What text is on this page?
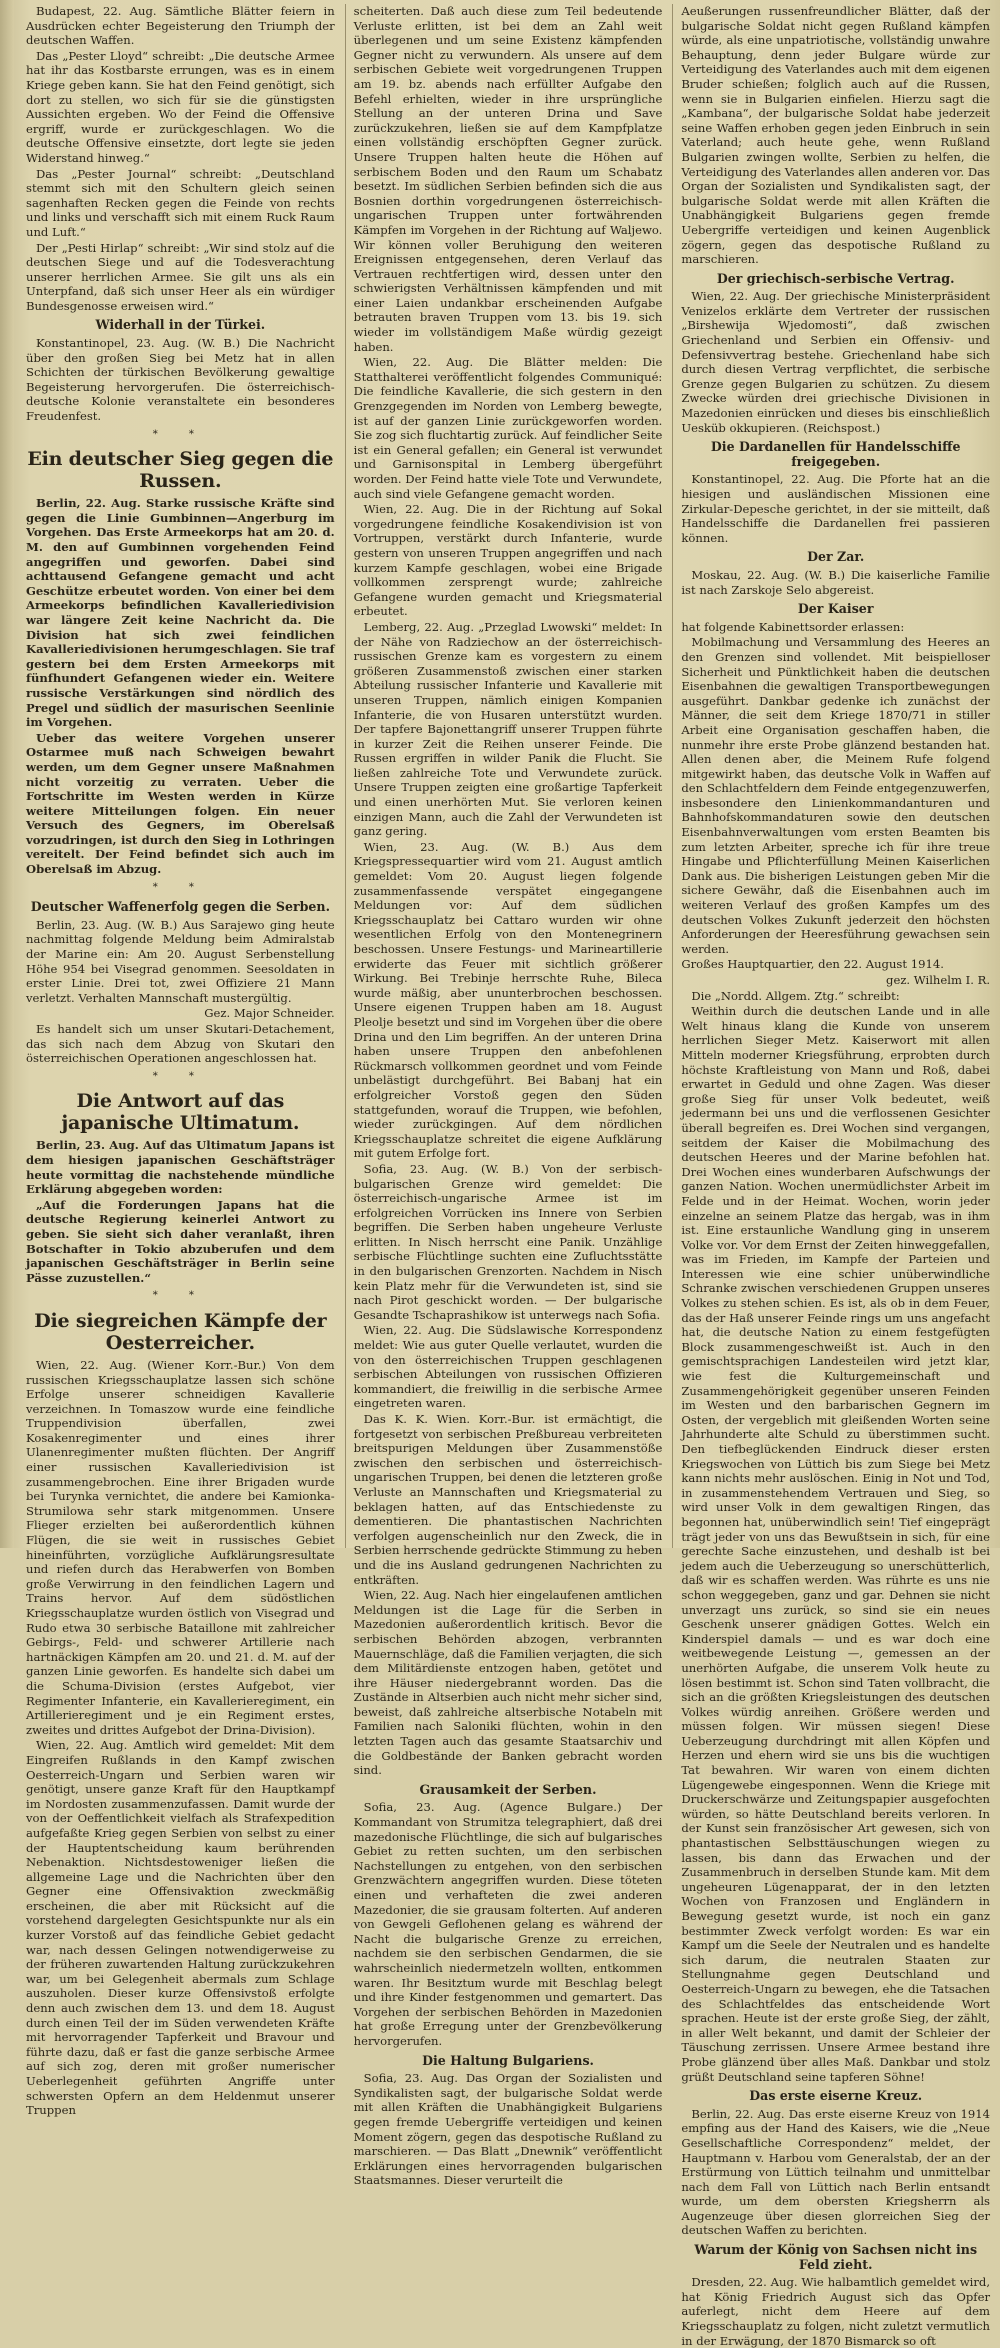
Budapest, 22. Aug. Sämtliche Blätter feiern in Ausdrücken echter Begeisterung den Triumph der deutschen Waffen.

Das „Pester Lloyd“ schreibt: „Die deutsche Armee hat ihr das Kostbarste errungen, was es in einem Kriege geben kann. Sie hat den Feind genötigt, sich dort zu stellen, wo sich für sie die günstigsten Aussichten ergeben. Wo der Feind die Offensive ergriff, wurde er zurückgeschlagen. Wo die deutsche Offensive einsetzte, dort legte sie jeden Widerstand hinweg.“

Das „Pester Journal“ schreibt: „Deutschland stemmt sich mit den Schultern gleich seinen sagenhaften Recken gegen die Feinde von rechts und links und verschafft sich mit einem Ruck Raum und Luft.“

Der „Pesti Hirlap“ schreibt: „Wir sind stolz auf die deutschen Siege und auf die Todesverachtung unserer herrlichen Armee. Sie gilt uns als ein Unterpfand, daß sich unser Heer als ein würdiger Bundesgenosse erweisen wird.“

Widerhall in der Türkei.

Konstantinopel, 23. Aug. (W. B.) Die Nachricht über den großen Sieg bei Metz hat in allen Schichten der türkischen Bevölkerung gewaltige Begeisterung hervorgerufen. Die österreichisch-deutsche Kolonie veranstaltete ein besonderes Freudenfest.

* *

Ein deutscher Sieg gegen die Russen.

Berlin, 22. Aug. Starke russische Kräfte sind gegen die Linie Gumbinnen—Angerburg im Vorgehen. Das Erste Armeekorps hat am 20. d. M. den auf Gumbinnen vorgehenden Feind angegriffen und geworfen. Dabei sind achttausend Gefangene gemacht und acht Geschütze erbeutet worden. Von einer bei dem Armeekorps befindlichen Kavalleriedivision war längere Zeit keine Nachricht da. Die Division hat sich zwei feindlichen Kavalleriedivisionen herumgeschlagen. Sie traf gestern bei dem Ersten Armeekorps mit fünfhundert Gefangenen wieder ein. Weitere russische Verstärkungen sind nördlich des Pregel und südlich der masurischen Seenlinie im Vorgehen.

Ueber das weitere Vorgehen unserer Ostarmee muß nach Schweigen bewahrt werden, um dem Gegner unsere Maßnahmen nicht vorzeitig zu verraten. Ueber die Fortschritte im Westen werden in Kürze weitere Mitteilungen folgen. Ein neuer Versuch des Gegners, im Oberelsaß vorzudringen, ist durch den Sieg in Lothringen vereitelt. Der Feind befindet sich auch im Oberelsaß im Abzug.

* *

Deutscher Waffenerfolg gegen die Serben.

Berlin, 23. Aug. (W. B.) Aus Sarajewo ging heute nachmittag folgende Meldung beim Admiralstab der Marine ein: Am 20. August Serbenstellung Höhe 954 bei Visegrad genommen. Seesoldaten in erster Linie. Drei tot, zwei Offiziere 21 Mann verletzt. Verhalten Mannschaft mustergültig.

Gez. Major Schneider.

Es handelt sich um unser Skutari-Detachement, das sich nach dem Abzug von Skutari den österreichischen Operationen angeschlossen hat.

* *

Die Antwort auf das japanische Ultimatum.

Berlin, 23. Aug. Auf das Ultimatum Japans ist dem hiesigen japanischen Geschäftsträger heute vormittag die nachstehende mündliche Erklärung abgegeben worden:

„Auf die Forderungen Japans hat die deutsche Regierung keinerlei Antwort zu geben. Sie sieht sich daher veranlaßt, ihren Botschafter in Tokio abzuberufen und dem japanischen Geschäftsträger in Berlin seine Pässe zuzustellen.“

* *

Die siegreichen Kämpfe der Oesterreicher.

Wien, 22. Aug. (Wiener Korr.-Bur.) Von dem russischen Kriegsschauplatze lassen sich schöne Erfolge unserer schneidigen Kavallerie verzeichnen. In Tomaszow wurde eine feindliche Truppendivision überfallen, zwei Kosakenregimenter und eines ihrer Ulanenregimenter mußten flüchten. Der Angriff einer russischen Kavalleriedivision ist zusammengebrochen. Eine ihrer Brigaden wurde bei Turynka vernichtet, die andere bei Kamionka-Strumilowa sehr stark mitgenommen. Unsere Flieger erzielten bei außerordentlich kühnen Flügen, die sie weit in russisches Gebiet hineinführten, vorzügliche Aufklärungsresultate und riefen durch das Herabwerfen von Bomben große Verwirrung in den feindlichen Lagern und Trains hervor. Auf dem südöstlichen Kriegsschauplatze wurden östlich von Visegrad und Rudo etwa 30 serbische Bataillone mit zahlreicher Gebirgs-, Feld- und schwerer Artillerie nach hartnäckigen Kämpfen am 20. und 21. d. M. auf der ganzen Linie geworfen. Es handelte sich dabei um die Schuma-Division (erstes Aufgebot, vier Regimenter Infanterie, ein Kavallerieregiment, ein Artillerieregiment und je ein Regiment erstes, zweites und drittes Aufgebot der Drina-Division).

Wien, 22. Aug. Amtlich wird gemeldet: Mit dem Eingreifen Rußlands in den Kampf zwischen Oesterreich-Ungarn und Serbien waren wir genötigt, unsere ganze Kraft für den Hauptkampf im Nordosten zusammenzufassen. Damit wurde der von der Oeffentlichkeit vielfach als Strafexpedition aufgefaßte Krieg gegen Serbien von selbst zu einer der Hauptentscheidung kaum berührenden Nebenaktion. Nichtsdestoweniger ließen die allgemeine Lage und die Nachrichten über den Gegner eine Offensivaktion zweckmäßig erscheinen, die aber mit Rücksicht auf die vorstehend dargelegten Gesichtspunkte nur als ein kurzer Vorstoß auf das feindliche Gebiet gedacht war, nach dessen Gelingen notwendigerweise zu der früheren zuwartenden Haltung zurückzukehren war, um bei Gelegenheit abermals zum Schlage auszuholen. Dieser kurze Offensivstoß erfolgte denn auch zwischen dem 13. und dem 18. August durch einen Teil der im Süden verwendeten Kräfte mit hervorragender Tapferkeit und Bravour und führte dazu, daß er fast die ganze serbische Armee auf sich zog, deren mit großer numerischer Ueberlegenheit geführten Angriffe unter schwersten Opfern an dem Heldenmut unserer Truppen

scheiterten. Daß auch diese zum Teil bedeutende Verluste erlitten, ist bei dem an Zahl weit überlegenen und um seine Existenz kämpfenden Gegner nicht zu verwundern. Als unsere auf dem serbischen Gebiete weit vorgedrungenen Truppen am 19. bz. abends nach erfüllter Aufgabe den Befehl erhielten, wieder in ihre ursprüngliche Stellung an der unteren Drina und Save zurückzukehren, ließen sie auf dem Kampfplatze einen vollständig erschöpften Gegner zurück. Unsere Truppen halten heute die Höhen auf serbischem Boden und den Raum um Schabatz besetzt. Im südlichen Serbien befinden sich die aus Bosnien dorthin vorgedrungenen österreichisch-ungarischen Truppen unter fortwährenden Kämpfen im Vorgehen in der Richtung auf Waljewo. Wir können voller Beruhigung den weiteren Ereignissen entgegensehen, deren Verlauf das Vertrauen rechtfertigen wird, dessen unter den schwierigsten Verhältnissen kämpfenden und mit einer Laien undankbar erscheinenden Aufgabe betrauten braven Truppen vom 13. bis 19. sich wieder im vollständigem Maße würdig gezeigt haben.

Wien, 22. Aug. Die Blätter melden: Die Statthalterei veröffentlicht folgendes Communiqué: Die feindliche Kavallerie, die sich gestern in den Grenzgegenden im Norden von Lemberg bewegte, ist auf der ganzen Linie zurückgeworfen worden. Sie zog sich fluchtartig zurück. Auf feindlicher Seite ist ein General gefallen; ein General ist verwundet und Garnisonspital in Lemberg übergeführt worden. Der Feind hatte viele Tote und Verwundete, auch sind viele Gefangene gemacht worden.

Wien, 22. Aug. Die in der Richtung auf Sokal vorgedrungene feindliche Kosakendivision ist von Vortruppen, verstärkt durch Infanterie, wurde gestern von unseren Truppen angegriffen und nach kurzem Kampfe geschlagen, wobei eine Brigade vollkommen zersprengt wurde; zahlreiche Gefangene wurden gemacht und Kriegsmaterial erbeutet.

Lemberg, 22. Aug. „Przeglad Lwowski“ meldet: In der Nähe von Radziechow an der österreichisch-russischen Grenze kam es vorgestern zu einem größeren Zusammenstoß zwischen einer starken Abteilung russischer Infanterie und Kavallerie mit unseren Truppen, nämlich einigen Kompanien Infanterie, die von Husaren unterstützt wurden. Der tapfere Bajonettangriff unserer Truppen führte in kurzer Zeit die Reihen unserer Feinde. Die Russen ergriffen in wilder Panik die Flucht. Sie ließen zahlreiche Tote und Verwundete zurück. Unsere Truppen zeigten eine großartige Tapferkeit und einen unerhörten Mut. Sie verloren keinen einzigen Mann, auch die Zahl der Verwundeten ist ganz gering.

Wien, 23. Aug. (W. B.) Aus dem Kriegspressequartier wird vom 21. August amtlich gemeldet: Vom 20. August liegen folgende zusammenfassende verspätet eingegangene Meldungen vor: Auf dem südlichen Kriegsschauplatz bei Cattaro wurden wir ohne wesentlichen Erfolg von den Montenegrinern beschossen. Unsere Festungs- und Marineartillerie erwiderte das Feuer mit sichtlich größerer Wirkung. Bei Trebinje herrschte Ruhe, Bileca wurde mäßig, aber ununterbrochen beschossen. Unsere eigenen Truppen haben am 18. August Pleolje besetzt und sind im Vorgehen über die obere Drina und den Lim begriffen. An der unteren Drina haben unsere Truppen den anbefohlenen Rückmarsch vollkommen geordnet und vom Feinde unbelästigt durchgeführt. Bei Babanj hat ein erfolgreicher Vorstoß gegen den Süden stattgefunden, worauf die Truppen, wie befohlen, wieder zurückgingen. Auf dem nördlichen Kriegsschauplatze schreitet die eigene Aufklärung mit gutem Erfolge fort.

Sofia, 23. Aug. (W. B.) Von der serbisch-bulgarischen Grenze wird gemeldet: Die österreichisch-ungarische Armee ist im erfolgreichen Vorrücken ins Innere von Serbien begriffen. Die Serben haben ungeheure Verluste erlitten. In Nisch herrscht eine Panik. Unzählige serbische Flüchtlinge suchten eine Zufluchtsstätte in den bulgarischen Grenzorten. Nachdem in Nisch kein Platz mehr für die Verwundeten ist, sind sie nach Pirot geschickt worden. — Der bulgarische Gesandte Tschaprashikow ist unterwegs nach Sofia.

Wien, 22. Aug. Die Südslawische Korrespondenz meldet: Wie aus guter Quelle verlautet, wurden die von den österreichischen Truppen geschlagenen serbischen Abteilungen von russischen Offizieren kommandiert, die freiwillig in die serbische Armee eingetreten waren.

Das K. K. Wien. Korr.-Bur. ist ermächtigt, die fortgesetzt von serbischen Preßbureau verbreiteten breitspurigen Meldungen über Zusammenstöße zwischen den serbischen und österreichisch-ungarischen Truppen, bei denen die letzteren große Verluste an Mannschaften und Kriegsmaterial zu beklagen hatten, auf das Entschiedenste zu dementieren. Die phantastischen Nachrichten verfolgen augenscheinlich nur den Zweck, die in Serbien herrschende gedrückte Stimmung zu heben und die ins Ausland gedrungenen Nachrichten zu entkräften.

Wien, 22. Aug. Nach hier eingelaufenen amtlichen Meldungen ist die Lage für die Serben in Mazedonien außerordentlich kritisch. Bevor die serbischen Behörden abzogen, verbrannten Mauernschläge, daß die Familien verjagten, die sich dem Militärdienste entzogen haben, getötet und ihre Häuser niedergebrannt worden. Das die Zustände in Altserbien auch nicht mehr sicher sind, beweist, daß zahlreiche altserbische Notabeln mit Familien nach Saloniki flüchten, wohin in den letzten Tagen auch das gesamte Staatsarchiv und die Goldbestände der Banken gebracht worden sind.

Grausamkeit der Serben.

Sofia, 23. Aug. (Agence Bulgare.) Der Kommandant von Strumitza telegraphiert, daß drei mazedonische Flüchtlinge, die sich auf bulgarisches Gebiet zu retten suchten, um den serbischen Nachstellungen zu entgehen, von den serbischen Grenzwächtern angegriffen wurden. Diese töteten einen und verhafteten die zwei anderen Mazedonier, die sie grausam folterten. Auf anderen von Gewgeli Geflohenen gelang es während der Nacht die bulgarische Grenze zu erreichen, nachdem sie den serbischen Gendarmen, die sie wahrscheinlich niedermetzeln wollten, entkommen waren. Ihr Besitztum wurde mit Beschlag belegt und ihre Kinder festgenommen und gemartert. Das Vorgehen der serbischen Behörden in Mazedonien hat große Erregung unter der Grenzbevölkerung hervorgerufen.

Die Haltung Bulgariens.

Sofia, 23. Aug. Das Organ der Sozialisten und Syndikalisten sagt, der bulgarische Soldat werde mit allen Kräften die Unabhängigkeit Bulgariens gegen fremde Uebergriffe verteidigen und keinen Moment zögern, gegen das despotische Rußland zu marschieren. — Das Blatt „Dnewnik“ veröffentlicht Erklärungen eines hervorragenden bulgarischen Staatsmannes. Dieser verurteilt die

Aeußerungen russenfreundlicher Blätter, daß der bulgarische Soldat nicht gegen Rußland kämpfen würde, als eine unpatriotische, vollständig unwahre Behauptung, denn jeder Bulgare würde zur Verteidigung des Vaterlandes auch mit dem eigenen Bruder schießen; folglich auch auf die Russen, wenn sie in Bulgarien einfielen. Hierzu sagt die „Kambana“, der bulgarische Soldat habe jederzeit seine Waffen erhoben gegen jeden Einbruch in sein Vaterland; auch heute gehe, wenn Rußland Bulgarien zwingen wollte, Serbien zu helfen, die Verteidigung des Vaterlandes allen anderen vor. Das Organ der Sozialisten und Syndikalisten sagt, der bulgarische Soldat werde mit allen Kräften die Unabhängigkeit Bulgariens gegen fremde Uebergriffe verteidigen und keinen Augenblick zögern, gegen das despotische Rußland zu marschieren.

Der griechisch-serbische Vertrag.

Wien, 22. Aug. Der griechische Ministerpräsident Venizelos erklärte dem Vertreter der russischen „Birshewija Wjedomosti“, daß zwischen Griechenland und Serbien ein Offensiv- und Defensivvertrag bestehe. Griechenland habe sich durch diesen Vertrag verpflichtet, die serbische Grenze gegen Bulgarien zu schützen. Zu diesem Zwecke würden drei griechische Divisionen in Mazedonien einrücken und dieses bis einschließlich Uesküb okkupieren. (Reichspost.)

Die Dardanellen für Handelsschiffe freigegeben.

Konstantinopel, 22. Aug. Die Pforte hat an die hiesigen und ausländischen Missionen eine Zirkular-Depesche gerichtet, in der sie mitteilt, daß Handelsschiffe die Dardanellen frei passieren können.

Der Zar.

Moskau, 22. Aug. (W. B.) Die kaiserliche Familie ist nach Zarskoje Selo abgereist.

Der Kaiser

hat folgende Kabinettsorder erlassen:

Mobilmachung und Versammlung des Heeres an den Grenzen sind vollendet. Mit beispielloser Sicherheit und Pünktlichkeit haben die deutschen Eisenbahnen die gewaltigen Transportbewegungen ausgeführt. Dankbar gedenke ich zunächst der Männer, die seit dem Kriege 1870/71 in stiller Arbeit eine Organisation geschaffen haben, die nunmehr ihre erste Probe glänzend bestanden hat. Allen denen aber, die Meinem Rufe folgend mitgewirkt haben, das deutsche Volk in Waffen auf den Schlachtfeldern dem Feinde entgegenzuwerfen, insbesondere den Linienkommandanturen und Bahnhofskommandaturen sowie den deutschen Eisenbahnverwaltungen vom ersten Beamten bis zum letzten Arbeiter, spreche ich für ihre treue Hingabe und Pflichterfüllung Meinen Kaiserlichen Dank aus. Die bisherigen Leistungen geben Mir die sichere Gewähr, daß die Eisenbahnen auch im weiteren Verlauf des großen Kampfes um des deutschen Volkes Zukunft jederzeit den höchsten Anforderungen der Heeresführung gewachsen sein werden.

Großes Hauptquartier, den 22. August 1914.

gez. Wilhelm I. R.

Die „Nordd. Allgem. Ztg.“ schreibt:

Weithin durch die deutschen Lande und in alle Welt hinaus klang die Kunde von unserem herrlichen Sieger Metz. Kaiserwort mit allen Mitteln moderner Kriegsführung, erprobten durch höchste Kraftleistung von Mann und Roß, dabei erwartet in Geduld und ohne Zagen. Was dieser große Sieg für unser Volk bedeutet, weiß jedermann bei uns und die verflossenen Gesichter überall begreifen es. Drei Wochen sind vergangen, seitdem der Kaiser die Mobilmachung des deutschen Heeres und der Marine befohlen hat. Drei Wochen eines wunderbaren Aufschwungs der ganzen Nation. Wochen unermüdlichster Arbeit im Felde und in der Heimat. Wochen, worin jeder einzelne an seinem Platze das hergab, was in ihm ist. Eine erstaunliche Wandlung ging in unserem Volke vor. Vor dem Ernst der Zeiten hinweggefallen, was im Frieden, im Kampfe der Parteien und Interessen wie eine schier unüberwindliche Schranke zwischen verschiedenen Gruppen unseres Volkes zu stehen schien. Es ist, als ob in dem Feuer, das der Haß unserer Feinde rings um uns angefacht hat, die deutsche Nation zu einem festgefügten Block zusammengeschweißt ist. Auch in den gemischtsprachigen Landesteilen wird jetzt klar, wie fest die Kulturgemeinschaft und Zusammengehörigkeit gegenüber unseren Feinden im Westen und den barbarischen Gegnern im Osten, der vergeblich mit gleißenden Worten seine Jahrhunderte alte Schuld zu überstimmen sucht. Den tiefbeglückenden Eindruck dieser ersten Kriegswochen von Lüttich bis zum Siege bei Metz kann nichts mehr auslöschen. Einig in Not und Tod, in zusammenstehendem Vertrauen und Sieg, so wird unser Volk in dem gewaltigen Ringen, das begonnen hat, unüberwindlich sein! Tief eingeprägt trägt jeder von uns das Bewußtsein in sich, für eine gerechte Sache einzustehen, und deshalb ist bei jedem auch die Ueberzeugung so unerschütterlich, daß wir es schaffen werden. Was rührte es uns nie schon weggegeben, ganz und gar. Dehnen sie nicht unverzagt uns zurück, so sind sie ein neues Geschenk unserer gnädigen Gottes. Welch ein Kinderspiel damals — und es war doch eine weitbewegende Leistung —, gemessen an der unerhörten Aufgabe, die unserem Volk heute zu lösen bestimmt ist. Schon sind Taten vollbracht, die sich an die größten Kriegsleistungen des deutschen Volkes würdig anreihen. Größere werden und müssen folgen. Wir müssen siegen! Diese Ueberzeugung durchdringt mit allen Köpfen und Herzen und ehern wird sie uns bis die wuchtigen Tat bewahren. Wir waren von einem dichten Lügengewebe eingesponnen. Wenn die Kriege mit Druckerschwärze und Zeitungspapier ausgefochten würden, so hätte Deutschland bereits verloren. In der Kunst sein französischer Art gewesen, sich von phantastischen Selbsttäuschungen wiegen zu lassen, bis dann das Erwachen und der Zusammenbruch in derselben Stunde kam. Mit dem ungeheuren Lügenapparat, der in den letzten Wochen von Franzosen und Engländern in Bewegung gesetzt wurde, ist noch ein ganz bestimmter Zweck verfolgt worden: Es war ein Kampf um die Seele der Neutralen und es handelte sich darum, die neutralen Staaten zur Stellungnahme gegen Deutschland und Oesterreich-Ungarn zu bewegen, ehe die Tatsachen des Schlachtfeldes das entscheidende Wort sprachen. Heute ist der erste große Sieg, der zählt, in aller Welt bekannt, und damit der Schleier der Täuschung zerrissen. Unsere Armee bestand ihre Probe glänzend über alles Maß. Dankbar und stolz grüßt Deutschland seine tapferen Söhne!

Das erste eiserne Kreuz.

Berlin, 22. Aug. Das erste eiserne Kreuz von 1914 empfing aus der Hand des Kaisers, wie die „Neue Gesellschaftliche Correspondenz“ meldet, der Hauptmann v. Harbou vom Generalstab, der an der Erstürmung von Lüttich teilnahm und unmittelbar nach dem Fall von Lüttich nach Berlin entsandt wurde, um dem obersten Kriegsherrn als Augenzeuge über diesen glorreichen Sieg der deutschen Waffen zu berichten.

Warum der König von Sachsen nicht ins Feld zieht.

Dresden, 22. Aug. Wie halbamtlich gemeldet wird, hat König Friedrich August sich das Opfer auferlegt, nicht dem Heere auf dem Kriegsschauplatz zu folgen, nicht zuletzt vermutlich in der Erwägung, der 1870 Bismarck so oft
